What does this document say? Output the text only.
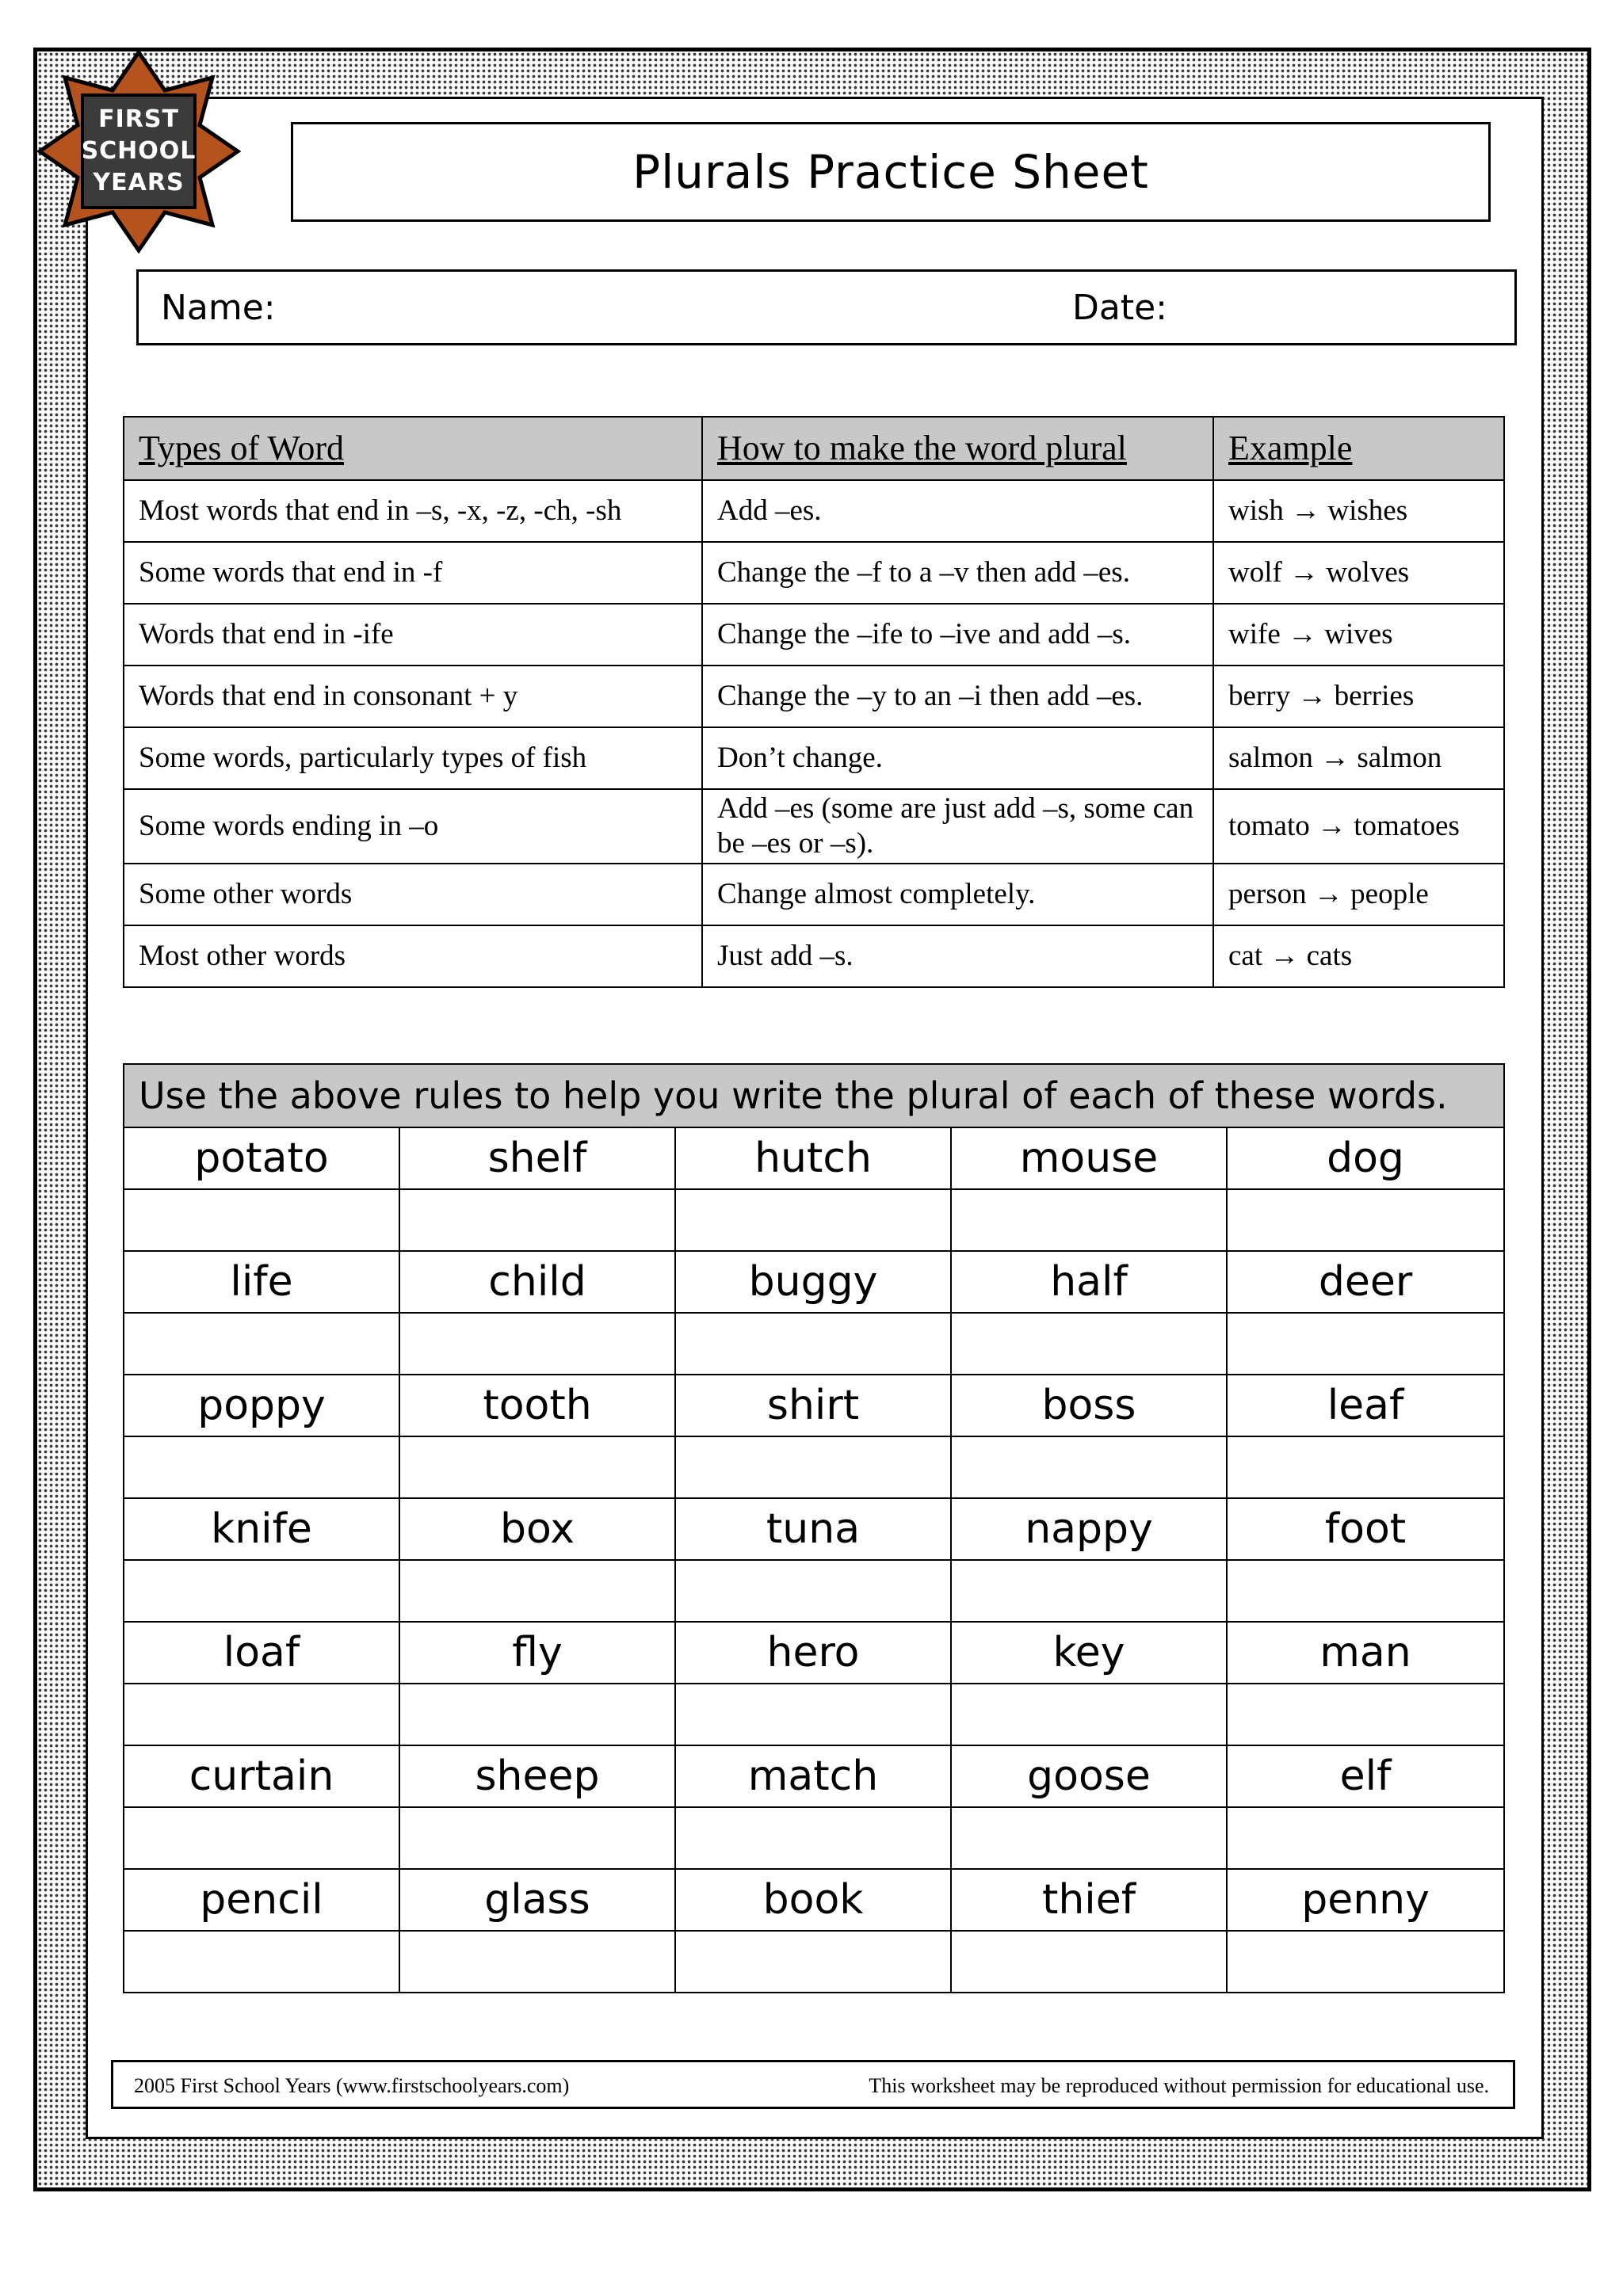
FIRST
SCHOOL
YEARS	Plurals Practice Sheet
Name:	Date:
Types of Word	How to make the word plural	Example
Most words that end in –s, -x, -z, -ch, -sh	Add –es.	wish → wishes
Some words that end in -f	Change the –f to a –v then add –es.	wolf → wolves
Words that end in -ife	Change the –ife to –ive and add –s.	wife → wives
Words that end in consonant + y	Change the –y to an –i then add –es.	berry → berries
Some words, particularly types of fish	Don’t change.	salmon → salmon
Some words ending in –o	Add –es (some are just add –s, some can be –es or –s).	tomato → tomatoes
Some other words	Change almost completely.	person → people
Most other words	Just add –s.	cat → cats
Use the above rules to help you write the plural of each of these words.				
potato	shelf	hutch	mouse	dog

life	child	buggy	half	deer

poppy	tooth	shirt	boss	leaf

knife	box	tuna	nappy	foot

loaf	fly	hero	key	man

curtain	sheep	match	goose	elf

pencil	glass	book	thief	penny

2005 First School Years (www.firstschoolyears.com)	This worksheet may be reproduced without permission for educational use.
